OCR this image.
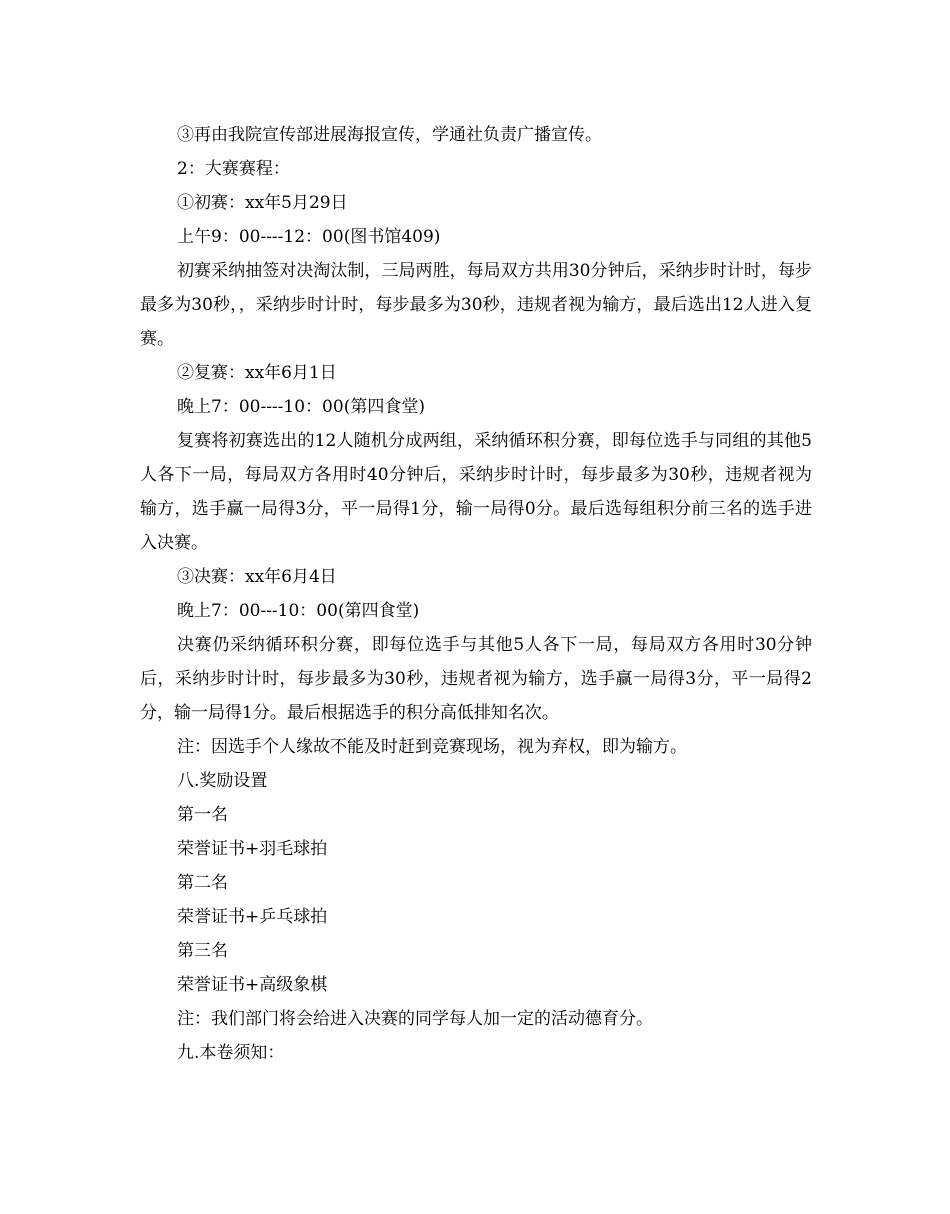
③再由我院宣传部进展海报宣传，学通社负责广播宣传。
2：大赛赛程：
①初赛：xx年5月29日
上午9：00----12：00(图书馆409)

初赛采纳抽签对决淘汰制，三局两胜，每局双方共用30分钟后，采纳步时计时，每步最多为30秒，，采纳步时计时，每步最多为30秒，违规者视为输方，最后选出12人进入复赛。

②复赛：xx年6月1日
晚上7：00----10：00(第四食堂)

复赛将初赛选出的12人随机分成两组，采纳循环积分赛，即每位选手与同组的其他5人各下一局，每局双方各用时40分钟后，采纳步时计时，每步最多为30秒，违规者视为输方，选手赢一局得3分，平一局得1分，输一局得0分。最后选每组积分前三名的选手进入决赛。

③决赛：xx年6月4日
晚上7：00---10：00(第四食堂)

决赛仍采纳循环积分赛，即每位选手与其他5人各下一局，每局双方各用时30分钟后，采纳步时计时，每步最多为30秒，违规者视为输方，选手赢一局得3分，平一局得2分，输一局得1分。最后根据选手的积分高低排知名次。

注：因选手个人缘故不能及时赶到竞赛现场，视为弃权，即为输方。
八.奖励设置
第一名
荣誉证书+羽毛球拍
第二名
荣誉证书+乒乓球拍
第三名
荣誉证书+高级象棋
注：我们部门将会给进入决赛的同学每人加一定的活动德育分。
九.本卷须知：
